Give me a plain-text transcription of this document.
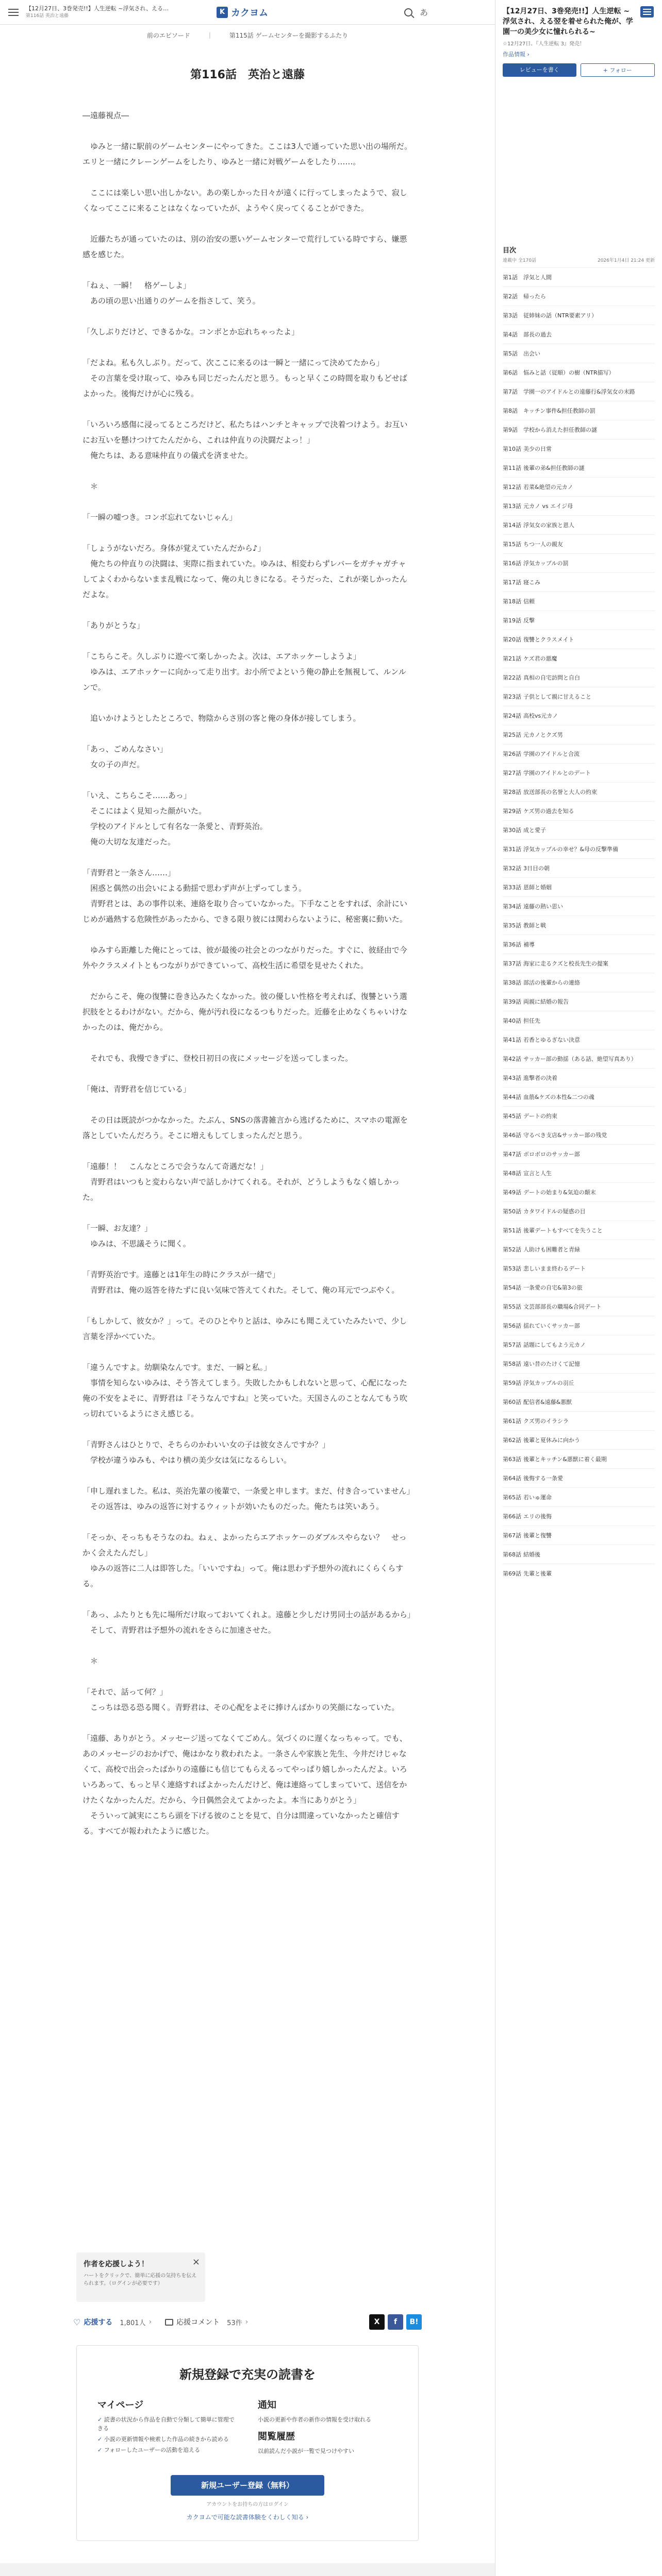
【12月27日、3巻発売!!】人生逆転 ~浮気され、える…
第116話 英治と遠藤	K カクヨム	あ
前のエピソード	|	第115話 ゲームセンターを撮影するふたり
第116話　英治と遠藤

―遠藤視点―

　ゆみと一緒に駅前のゲームセンターにやってきた。ここは3人で通っていた思い出の場所だ。エリと一緒にクレーンゲームをしたり、ゆみと一緒に対戦ゲームをしたり……。

　ここには楽しい思い出しかない。あの楽しかった日々が遠くに行ってしまったようで、寂しくなってここに来ることはなくなっていたが、ようやく戻ってくることができた。

　近藤たちが通っていたのは、別の治安の悪いゲームセンターで荒行している時ですら、嫌悪感を感じた。

「ねぇ、一瞬！　格ゲーしよ」

　あの頃の思い出通りのゲームを指さして、笑う。

「久しぶりだけど、できるかな。コンボとか忘れちゃったよ」

「だよね。私も久しぶり。だって、次ここに来るのは一瞬と一緒にって決めてたから」

　その言葉を受け取って、ゆみも同じだったんだと思う。もっと早くこの時間を取りもどせばよかった。後悔だけが心に残る。

「いろいろ感傷に浸ってるところだけど、私たちはハンチとキャップで決着つけよう。お互いにお互いを懸けつけてたんだから、これは仲直りの決闘だよっ！」

　俺たちは、ある意味仲直りの儀式を済ませた。

　＊

「一瞬の嘘つき。コンボ忘れてないじゃん」

「しょうがないだろ。身体が覚えていたんだから♪」

　俺たちの仲直りの決闘は、実際に指まれていた。ゆみは、相変わらずレバーをガチャガチャしてよくわからないまま乱戦になって、俺の丸じきになる。そうだった、これが楽しかったんだよな。

「ありがとうな」

「こちらこそ。久しぶりに遊べて楽しかったよ。次は、エアホッケーしようよ」

　ゆみは、エアホッケーに向かって走り出す。お小所でよという俺の静止を無視して、ルンルンで。

　追いかけようとしたところで、物陰からさ別の客と俺の身体が接してしまう。

「あっ、ごめんなさい」

　女の子の声だ。

「いえ、こちらこそ……あっ」

　そこにはよく見知った顔がいた。

　学校のアイドルとして有名な一条愛と、青野英治。

　俺の大切な友達だった。

「青野君と一条さん……」

　困惑と偶然の出会いによる動揺で思わず声が上ずってしまう。

　青野君とは、あの事件以来、連絡を取り合っていなかった。下手なことをすれば、余計にいじめが過熱する危険性があったから、できる限り彼には関わらないように、秘密裏に動いた。

　ゆみすら距離した俺にとっては、彼が最後の社会とのつながりだった。すぐに、彼経由で今外やクラスメイトともつながりができていって、高校生活に希望を見せたくれた。

　だからこそ、俺の復讐に巻き込みたくなかった。彼の優しい性格を考えれば、復讐という選択肢をとるわけがない。だから、俺が汚れ役になるつもりだった。近藤を止めなくちゃいけなかったのは、俺だから。

　それでも、我慢できずに、登校日初日の夜にメッセージを送ってしまった。

「俺は、青野君を信じている」

　その日は既読がつかなかった。たぶん、SNSの落書雑言から逃げるために、スマホの電源を落としていたんだろう。そこに増えもしてしまったんだと思う。

「遠藤！！　こんなところで会うなんて奇遇だな！」

　青野君はいつもと変わらない声で話しかけてくれる。それが、どうしようもなく嬉しかった。

「一瞬、お友達？」

　ゆみは、不思議そうに聞く。

「青野英治です。遠藤とは1年生の時にクラスが一緒で」

　青野君は、俺の返答を待たずに良い気味で答えてくれた。そして、俺の耳元でつぶやく。

「もしかして、彼女か？」って。そのひとやりと話は、ゆみにも聞こえていたみたいで、少し言葉を浮かべていた。

「違うんですよ。幼馴染なんです。まだ、一瞬と私。」

　事情を知らないゆみは、そう答えてしまう。失敗したかもしれないと思って、心配になった俺の不安をよそに、青野君は『そうなんですね』と笑っていた。天国さんのことなんてもう吹っ切れているようにさえ感じる。

「青野さんはひとりで、そちらのかわいい女の子は彼女さんですか？」

　学校が違うゆみも、やはり横の美少女は気になるらしい。

「申し遅れました。私は、英治先輩の後輩で、一条愛と申します。まだ、付き合っていません」

　その返答は、ゆみの返答に対するウィットが効いたものだった。俺たちは笑いあう。

「そっか、そっちもそうなのね。ねぇ、よかったらエアホッケーのダブルスやらない？　せっかく会えたんだし」

　ゆみの返答に二人は即答した。「いいですね」って。俺は思わず予想外の流れにくらくらする。

「あっ、ふたりとも先に場所だけ取っておいてくれよ。遠藤と少しだけ男同士の話があるから」

　そして、青野君は予想外の流れをさらに加速させた。

　＊

「それで、話って何？」

　こっちは恐る恐る聞く。青野君は、その心配をよそに捧けんばかりの笑顔になっていた。

「遠藤、ありがとう。メッセージ送ってなくてごめん。気づくのに遅くなっちゃって。でも、あのメッセージのおかげで、俺はかなり救われたよ。一条さんや家族と先生、今井だけじゃなくて、高校で出会ったばかりの遠藤にも信じてもらえるってやっぱり嬉しかったんだよ。いろいろあって、もっと早く連絡すればよかったんだけど、俺は連絡ってしまっていて、送信をかけたくなかったんだ。だから、今日偶然会えてよかったよ。本当にありがとう」

　そういって誠実にこちら頭を下げる彼のことを見て、自分は間違っていなかったと確信する。すべてが報われたように感じた。

作者を応援しよう！

ハートをクリックで、簡単に応援の気持ちを伝えられます。（ログインが必要です）

×
♡ 応援する 1,801人 ›	応援コメント 53件 ›	X	f	B!
新規登録で充実の読書を
マイページ
✓ 読書の状況から作品を自動で分類して簡単に管理できる
✓ 小説の更新情報や検索した作品の続きから読める
✓ フォローしたユーザーの活動を追える
通知
小説の更新や作者の新作の情報を受け取れる
閲覧履歴
以前読んだ小説が一覧で見つけやすい
新規ユーザー登録（無料）
アカウントをお持ちの方はログイン
カクヨムで可能な読書体験をくわしく知る ›
【12月27日、3巻発売!!】人生逆転 ~浮気され、える翌を着せられた俺が、学園一の美少女に憧れられる~
☆12月27日、『人生逆転 3』発売！
作品情報 ›
レビューを書く	+ フォロー
目次
連載中 全170話	2026年1月4日 21:24 更新
第1話	浮気と人間
第2話	帰ったら
第3話	従姉妹の話（NTR要素アリ）
第4話	部長の過去
第5話	出会い
第6話	悩みと話（従順）の樹（NTR描写）
第7話	学園一のアイドルとの遠藤行&浮気女の末路
第8話	キッチン事件&担任教師の罰
第9話	学校から消えた担任教師の謎
第10話 美少の日常
第11話 後輩の弟&担任教師の謎
第12話 若菜&絶望の元カノ
第13話 元カノ vs エイジ母
第14話 浮気女の家族と恩人
第15話 ちつ一人の親友
第16話 浮気カップルの罰
第17話 寝こみ
第18話 信頼
第19話 反撃
第20話 復讐とクラスメイト
第21話 ケズ君の悪魔
第22話 真相の自宅訪問と自白
第23話 子供として親に甘えること
第24話 高校vs元カノ
第25話 元カノとクズ男
第26話 学園のアイドルと合流
第27話 学園のアイドルとのデート
第28話 放送部長の名誉と大人の約束
第29話 ケズ男の過去を知る
第30話 成と愛子
第31話 浮気カップルの幸せ？&母の反撃準備
第32話 3日目の朝
第33話 恩師と婚姻
第34話 遠藤の熱い思い
第35話 教師と戦
第36話 補導
第37話 海家に走るクズと校長先生の提案
第38話 部活の後輩からの連絡
第39話 両親に結婚の報告
第40話 担任先
第41話 若香とゆるぎない決意
第42話 サッカー部の動揺（ある話、絶望写真あり）
第43話 進撃者の決着
第44話 血筋&ケズの本性&二つの魂
第45話 デートの約束
第46話 守るべき支店&サッカー部の残党
第47話 ボロボロのサッカー部
第48話 宣言と人生
第49話 デートの始まり&気迫の顛末
第50話 カタワイドルの疑惑の目
第51話 後輩デートもすべてを失うこと
第52話 人助けも困難者と青緑
第53話 悲しいまま終わるデート
第54話 一条愛の自宅&第3の旅
第55話 文芸部部長の職場&合同デート
第56話 揺れていくサッカー部
第57話 話題にしてもよう元カノ
第58話 遠い昔のたけくて記憶
第59話 浮気カップルの羽丘
第60話 配信者&遠藤&悪獣
第61話 クズ男のイラシラ
第62話 後輩と夏休みに向かう
第63話 後輩とキッチン&悪獣に着く最期
第64話 後悔する一条愛
第65話 若いゅ運命
第66話 エリの後悔
第67話 後輩と復讐
第68話 結婚後
第69話 先輩と後輩
